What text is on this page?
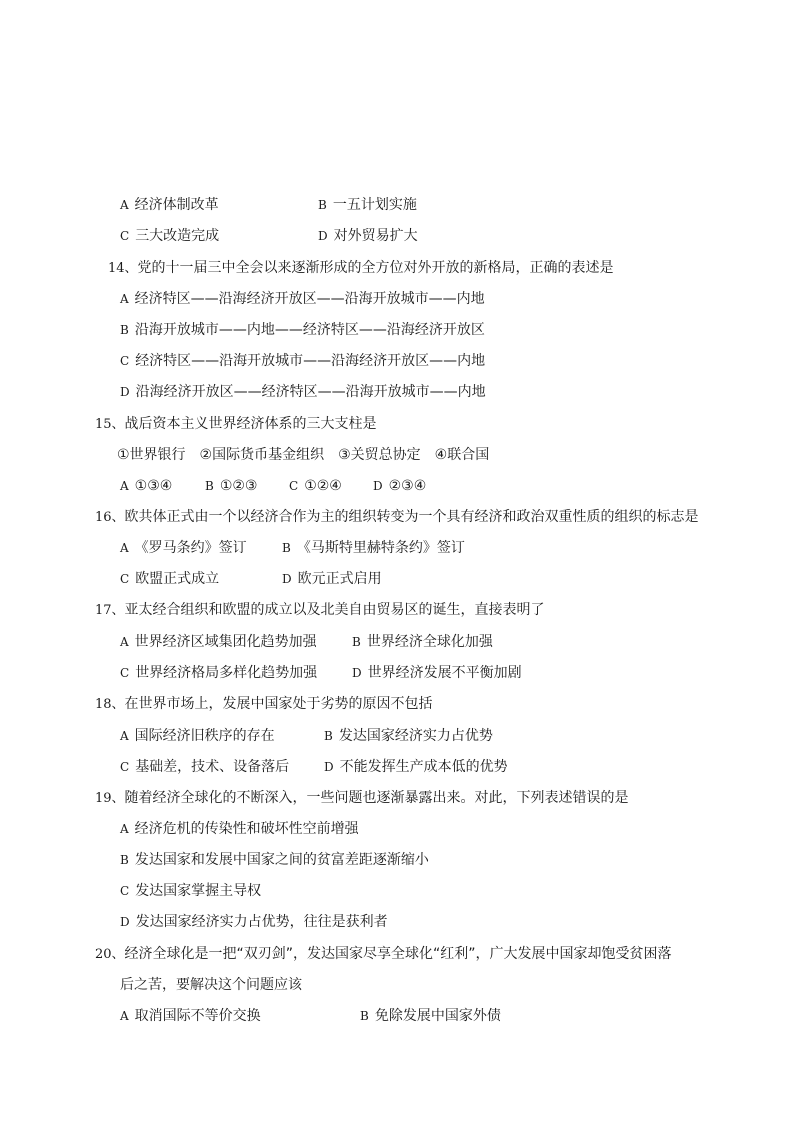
A 经济体制改革	B 一五计划实施
C 三大改造完成	D 对外贸易扩大
14、党的十一届三中全会以来逐渐形成的全方位对外开放的新格局，正确的表述是
A 经济特区——沿海经济开放区——沿海开放城市——内地
B 沿海开放城市——内地——经济特区——沿海经济开放区
C 经济特区——沿海开放城市——沿海经济开放区——内地
D 沿海经济开放区——经济特区——沿海开放城市——内地
15、战后资本主义世界经济体系的三大支柱是
①世界银行　②国际货币基金组织　③关贸总协定　④联合国
A ①③④	B ①②③	C ①②④	D ②③④
16、欧共体正式由一个以经济合作为主的组织转变为一个具有经济和政治双重性质的组织的标志是
A 《罗马条约》签订	B 《马斯特里赫特条约》签订
C 欧盟正式成立	D 欧元正式启用
17、亚太经合组织和欧盟的成立以及北美自由贸易区的诞生，直接表明了
A 世界经济区域集团化趋势加强	B 世界经济全球化加强
C 世界经济格局多样化趋势加强	D 世界经济发展不平衡加剧
18、在世界市场上，发展中国家处于劣势的原因不包括
A 国际经济旧秩序的存在	B 发达国家经济实力占优势
C 基础差，技术、设备落后	D 不能发挥生产成本低的优势
19、随着经济全球化的不断深入，一些问题也逐渐暴露出来。对此，下列表述错误的是
A 经济危机的传染性和破坏性空前增强
B 发达国家和发展中国家之间的贫富差距逐渐缩小
C 发达国家掌握主导权
D 发达国家经济实力占优势，往往是获利者
20、经济全球化是一把“双刃剑”，发达国家尽享全球化“红利”，广大发展中国家却饱受贫困落
后之苦，要解决这个问题应该
A 取消国际不等价交换	B 免除发展中国家外债
